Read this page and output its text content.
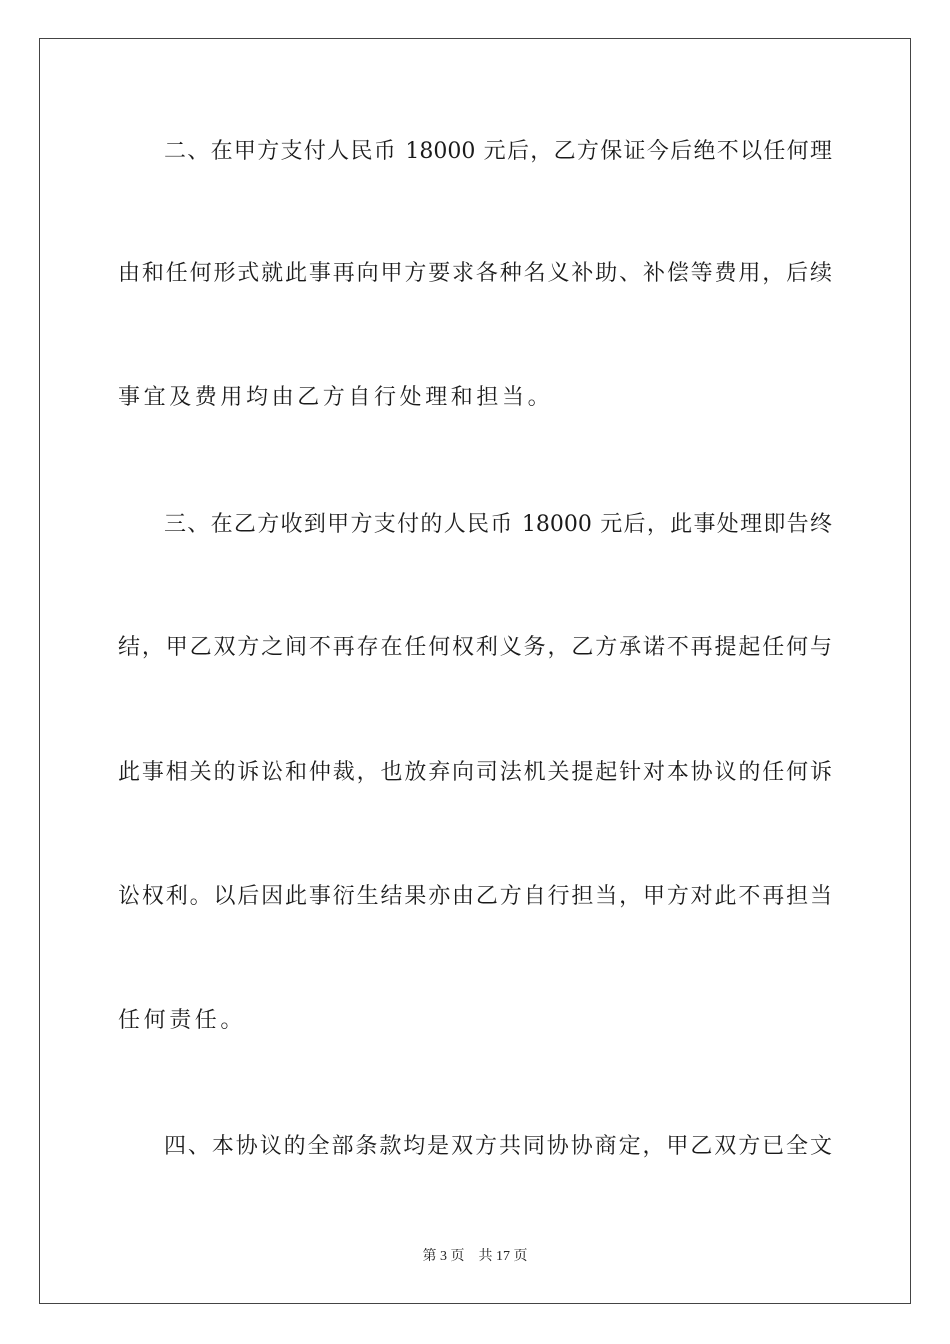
二、在甲方支付人民币 18000 元后，乙方保证今后绝不以任何理
由和任何形式就此事再向甲方要求各种名义补助、补偿等费用，后续
事宜及费用均由乙方自行处理和担当。
三、在乙方收到甲方支付的人民币 18000 元后，此事处理即告终
结，甲乙双方之间不再存在任何权利义务，乙方承诺不再提起任何与
此事相关的诉讼和仲裁，也放弃向司法机关提起针对本协议的任何诉
讼权利。以后因此事衍生结果亦由乙方自行担当，甲方对此不再担当
任何责任。
四、本协议的全部条款均是双方共同协协商定，甲乙双方已全文
第 3 页 共 17 页
